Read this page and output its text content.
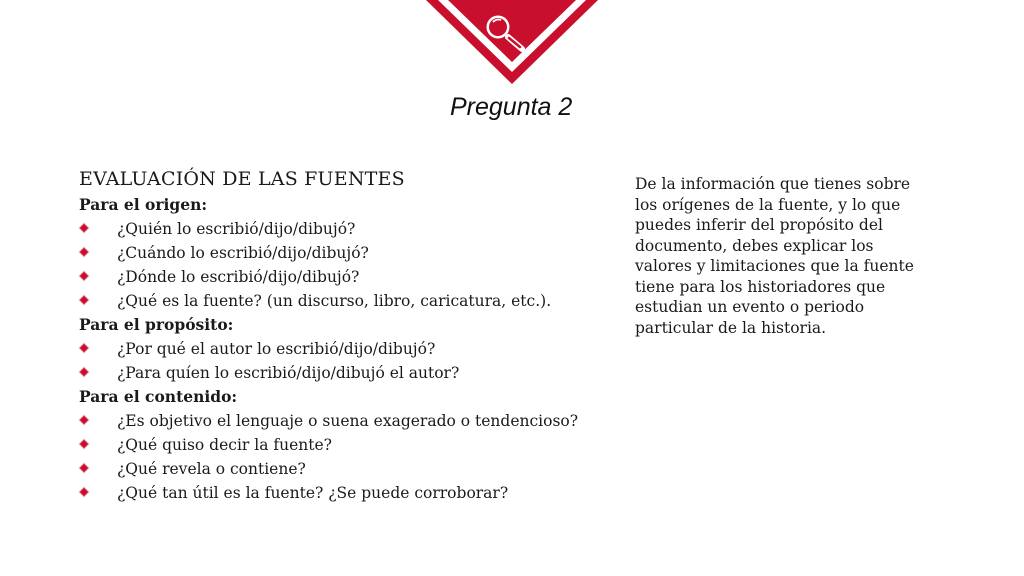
Pregunta 2
EVALUACIÓN DE LAS FUENTES

Para el origen:

¿Quién lo escribió/dijo/dibujó?
¿Cuándo lo escribió/dijo/dibujó?
¿Dónde lo escribió/dijo/dibujó?
¿Qué es la fuente? (un discurso, libro, caricatura, etc.).

Para el propósito:

¿Por qué el autor lo escribió/dijo/dibujó?
¿Para quíen lo escribió/dijo/dibujó el autor?

Para el contenido:

¿Es objetivo el lenguaje o suena exagerado o tendencioso?
¿Qué quiso decir la fuente?
¿Qué revela o contiene?
¿Qué tan útil es la fuente? ¿Se puede corroborar?

De la información que tienes sobre los orígenes de la fuente, y lo que puedes inferir del propósito del documento, debes explicar los valores y limitaciones que la fuente tiene para los historiadores que estudian un evento o periodo particular de la historia.
